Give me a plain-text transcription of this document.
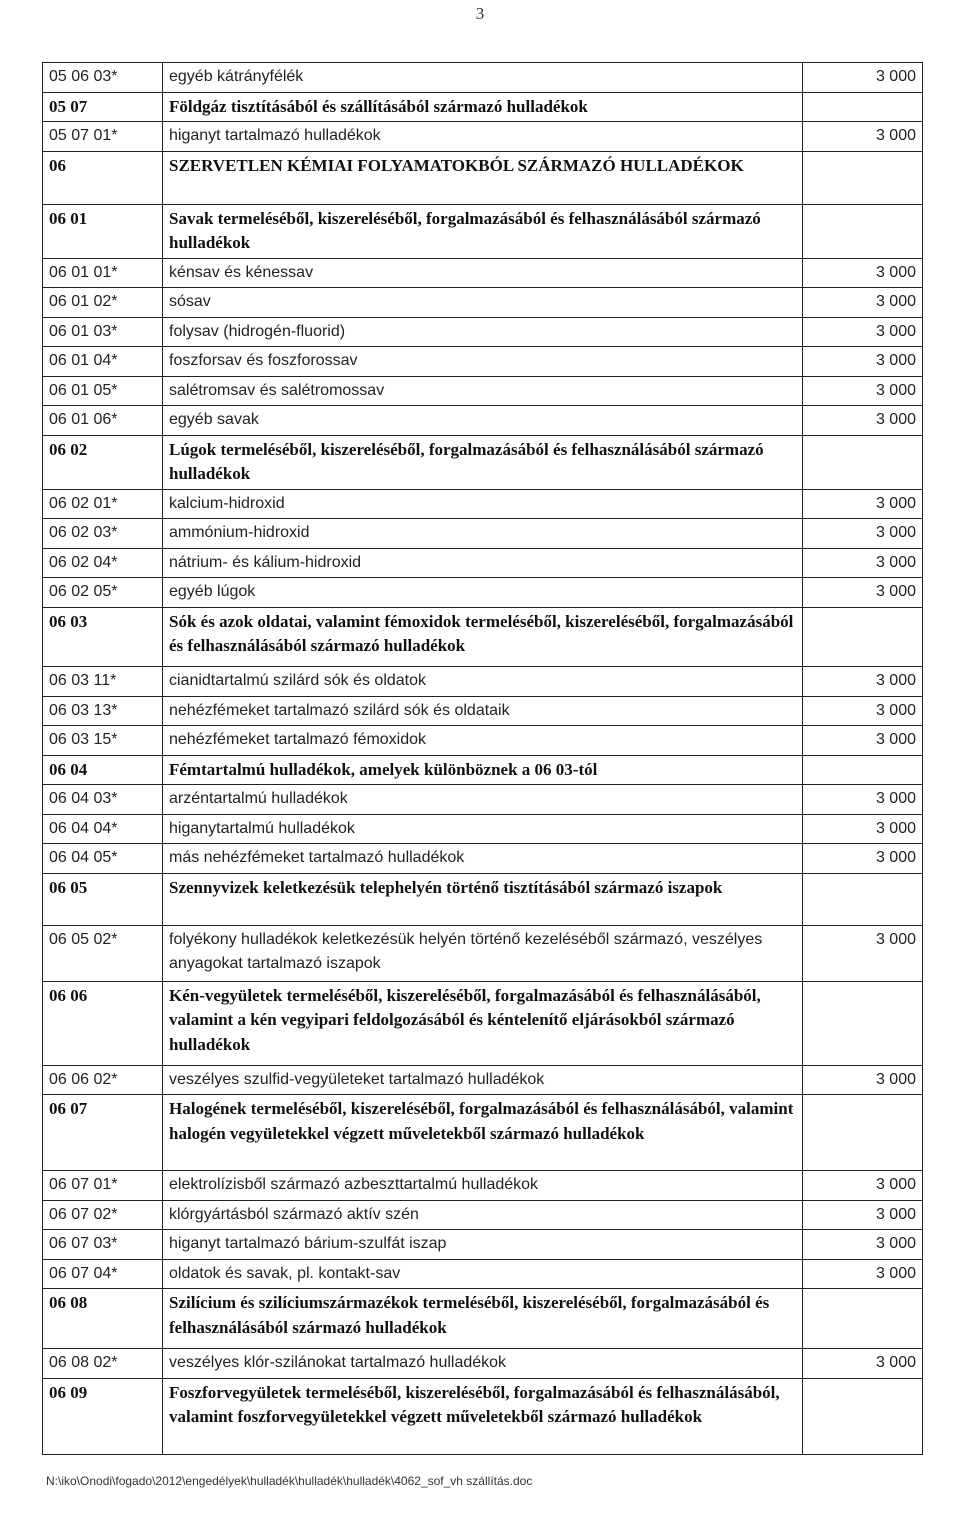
3
05 06 03*	egyéb kátrányfélék	3 000
05 07	Földgáz tisztításából és szállításából származó hulladékok	
05 07 01*	higanyt tartalmazó hulladékok	3 000
06	SZERVETLEN KÉMIAI FOLYAMATOKBÓL SZÁRMAZÓ HULLADÉKOK	
06 01	Savak termeléséből, kiszereléséből, forgalmazásából és felhasználásából származó hulladékok	
06 01 01*	kénsav és kénessav	3 000
06 01 02*	sósav	3 000
06 01 03*	folysav (hidrogén-fluorid)	3 000
06 01 04*	foszforsav és foszforossav	3 000
06 01 05*	salétromsav és salétromossav	3 000
06 01 06*	egyéb savak	3 000
06 02	Lúgok termeléséből, kiszereléséből, forgalmazásából és felhasználásából származó hulladékok	
06 02 01*	kalcium-hidroxid	3 000
06 02 03*	ammónium-hidroxid	3 000
06 02 04*	nátrium- és kálium-hidroxid	3 000
06 02 05*	egyéb lúgok	3 000
06 03	Sók és azok oldatai, valamint fémoxidok termeléséből, kiszereléséből, forgalmazásából és felhasználásából származó hulladékok	
06 03 11*	cianidtartalmú szilárd sók és oldatok	3 000
06 03 13*	nehézfémeket tartalmazó szilárd sók és oldataik	3 000
06 03 15*	nehézfémeket tartalmazó fémoxidok	3 000
06 04	Fémtartalmú hulladékok, amelyek különböznek a 06 03-tól	
06 04 03*	arzéntartalmú hulladékok	3 000
06 04 04*	higanytartalmú hulladékok	3 000
06 04 05*	más nehézfémeket tartalmazó hulladékok	3 000
06 05	Szennyvizek keletkezésük telephelyén történő tisztításából származó iszapok	
06 05 02*	folyékony hulladékok keletkezésük helyén történő kezeléséből származó, veszélyes anyagokat tartalmazó iszapok	3 000
06 06	Kén-vegyületek termeléséből, kiszereléséből, forgalmazásából és felhasználásából, valamint a kén vegyipari feldolgozásából és kéntelenítő eljárásokból származó hulladékok	
06 06 02*	veszélyes szulfid-vegyületeket tartalmazó hulladékok	3 000
06 07	Halogének termeléséből, kiszereléséből, forgalmazásából és felhasználásából, valamint halogén vegyületekkel végzett műveletekből származó hulladékok	
06 07 01*	elektrolízisből származó azbeszttartalmú hulladékok	3 000
06 07 02*	klórgyártásból származó aktív szén	3 000
06 07 03*	higanyt tartalmazó bárium-szulfát iszap	3 000
06 07 04*	oldatok és savak, pl. kontakt-sav	3 000
06 08	Szilícium és szilíciumszármazékok termeléséből, kiszereléséből, forgalmazásából és felhasználásából származó hulladékok	
06 08 02*	veszélyes klór-szilánokat tartalmazó hulladékok	3 000
06 09	Foszforvegyületek termeléséből, kiszereléséből, forgalmazásából és felhasználásából, valamint foszforvegyületekkel végzett műveletekből származó hulladékok	
N:\iko\Onodi\fogado\2012\engedélyek\hulladék\hulladék\hulladék\4062_sof_vh szállítás.doc
